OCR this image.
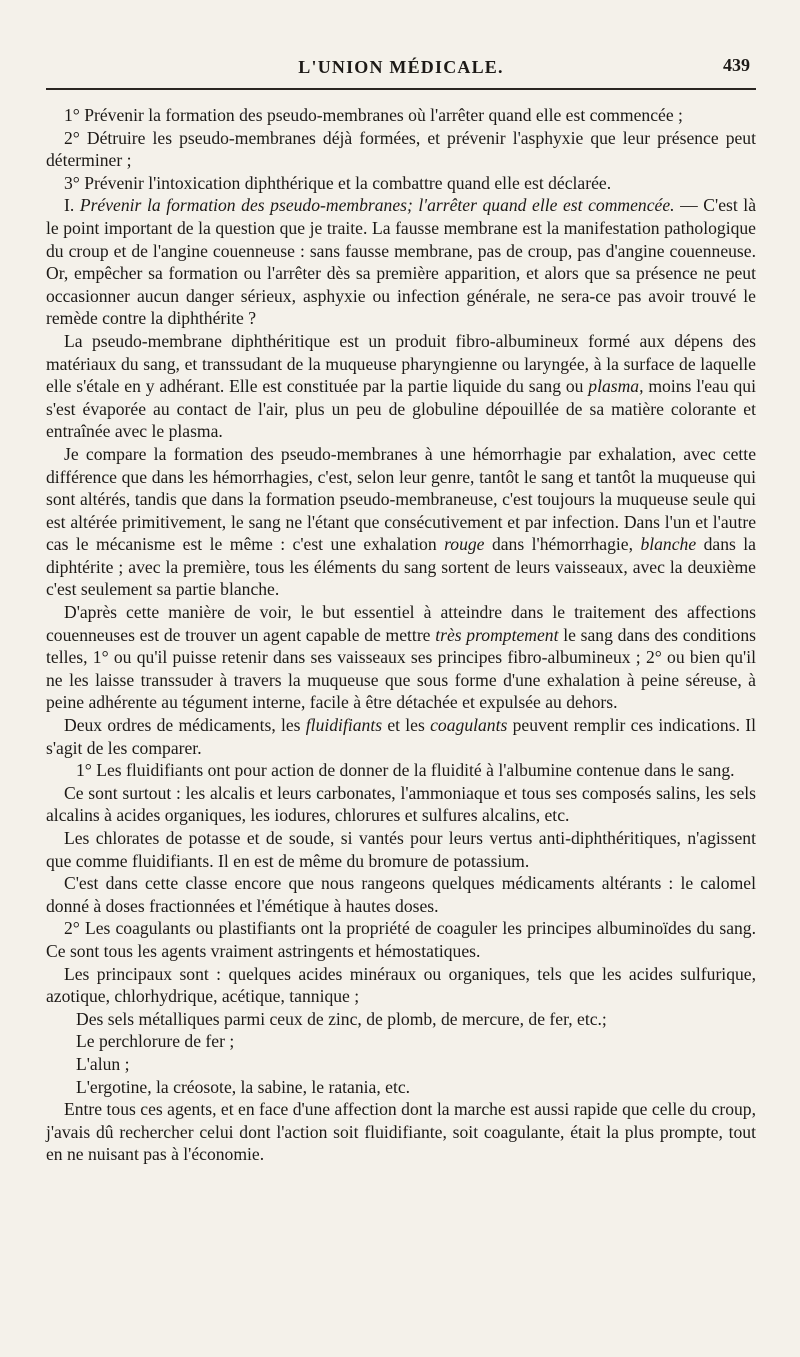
L'UNION MÉDICALE.	439

1° Prévenir la formation des pseudo-membranes où l'arrêter quand elle est commencée ;

2° Détruire les pseudo-membranes déjà formées, et prévenir l'asphyxie que leur présence peut déterminer ;

3° Prévenir l'intoxication diphthérique et la combattre quand elle est déclarée.

I. Prévenir la formation des pseudo-membranes; l'arrêter quand elle est commencée. — C'est là le point important de la question que je traite. La fausse membrane est la manifestation pathologique du croup et de l'angine couenneuse : sans fausse membrane, pas de croup, pas d'angine couenneuse. Or, empêcher sa formation ou l'arrêter dès sa première apparition, et alors que sa présence ne peut occasionner aucun danger sérieux, asphyxie ou infection générale, ne sera-ce pas avoir trouvé le remède contre la diphthérite ?

La pseudo-membrane diphthéritique est un produit fibro-albumineux formé aux dépens des matériaux du sang, et transsudant de la muqueuse pharyngienne ou laryngée, à la surface de laquelle elle s'étale en y adhérant. Elle est constituée par la partie liquide du sang ou plasma, moins l'eau qui s'est évaporée au contact de l'air, plus un peu de globuline dépouillée de sa matière colorante et entraînée avec le plasma.

Je compare la formation des pseudo-membranes à une hémorrhagie par exhalation, avec cette différence que dans les hémorrhagies, c'est, selon leur genre, tantôt le sang et tantôt la muqueuse qui sont altérés, tandis que dans la formation pseudo-membraneuse, c'est toujours la muqueuse seule qui est altérée primitivement, le sang ne l'étant que consécutivement et par infection. Dans l'un et l'autre cas le mécanisme est le même : c'est une exhalation rouge dans l'hémorrhagie, blanche dans la diphtérite ; avec la première, tous les éléments du sang sortent de leurs vaisseaux, avec la deuxième c'est seulement sa partie blanche.

D'après cette manière de voir, le but essentiel à atteindre dans le traitement des affections couenneuses est de trouver un agent capable de mettre très promptement le sang dans des conditions telles, 1° ou qu'il puisse retenir dans ses vaisseaux ses principes fibro-albumineux ; 2° ou bien qu'il ne les laisse transsuder à travers la muqueuse que sous forme d'une exhalation à peine séreuse, à peine adhérente au tégument interne, facile à être détachée et expulsée au dehors.

Deux ordres de médicaments, les fluidifiants et les coagulants peuvent remplir ces indications. Il s'agit de les comparer.

1° Les fluidifiants ont pour action de donner de la fluidité à l'albumine contenue dans le sang.

Ce sont surtout : les alcalis et leurs carbonates, l'ammoniaque et tous ses composés salins, les sels alcalins à acides organiques, les iodures, chlorures et sulfures alcalins, etc.

Les chlorates de potasse et de soude, si vantés pour leurs vertus anti-diphthéritiques, n'agissent que comme fluidifiants. Il en est de même du bromure de potassium.

C'est dans cette classe encore que nous rangeons quelques médicaments altérants : le calomel donné à doses fractionnées et l'émétique à hautes doses.

2° Les coagulants ou plastifiants ont la propriété de coaguler les principes albuminoïdes du sang. Ce sont tous les agents vraiment astringents et hémostatiques.

Les principaux sont : quelques acides minéraux ou organiques, tels que les acides sulfurique, azotique, chlorhydrique, acétique, tannique ;

Des sels métalliques parmi ceux de zinc, de plomb, de mercure, de fer, etc.;

Le perchlorure de fer ;

L'alun ;

L'ergotine, la créosote, la sabine, le ratania, etc.

Entre tous ces agents, et en face d'une affection dont la marche est aussi rapide que celle du croup, j'avais dû rechercher celui dont l'action soit fluidifiante, soit coagulante, était la plus prompte, tout en ne nuisant pas à l'économie.
